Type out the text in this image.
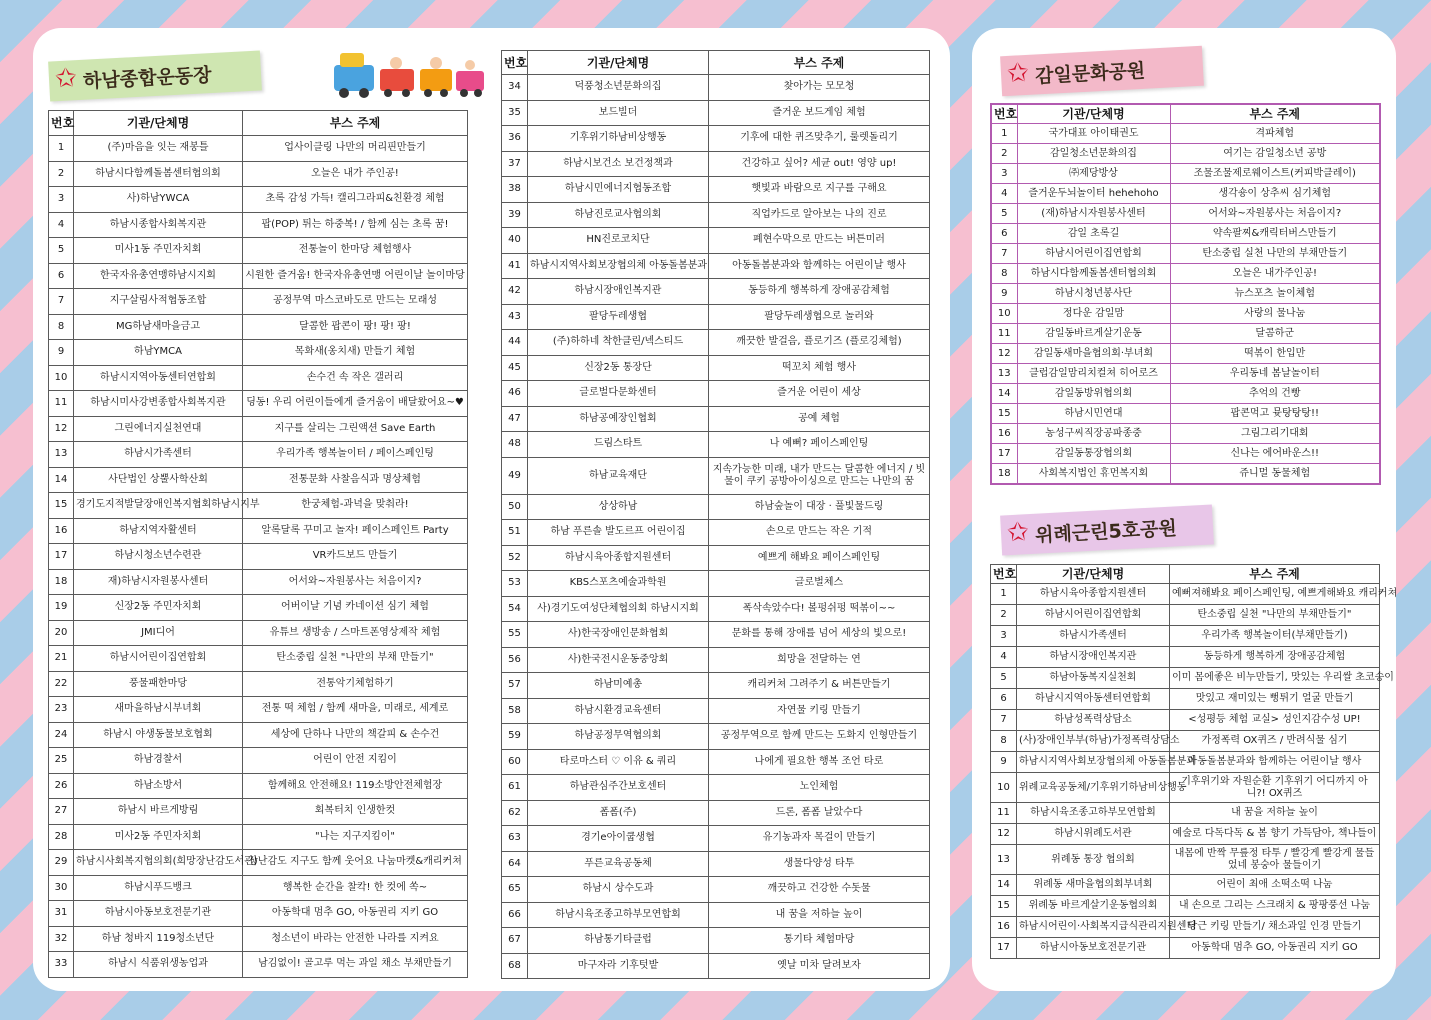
✩ 하남종합운동장	✩ 감일문화공원
✩ 위례근린5호공원
번호	기관/단체명	부스 주제
1	(주)마음을 잇는 재봉틀	업사이클링 나만의 머리핀만들기
2	하남시다함께돌봄센터협의회	오늘은 내가 주인공!
3	사)하남YWCA	초록 감성 가득! 캘리그라피&친환경 체험
4	하남시종합사회복지관	팝(POP) 튀는 하중복! / 함께 심는 초록 꿈!
5	미사1동 주민자치회	전통놀이 한마당 체험행사
6	한국자유총연맹하남시지회	시원한 즐거움! 한국자유총연맹 어린이날 놀이마당
7	지구살림사적협동조합	공정무역 마스코바도로 만드는 모래성
8	MG하남새마을금고	달콤한 팝콘이 팡! 팡! 팡!
9	하남YMCA	목화새(옹치새) 만들기 체험
10	하남시지역아동센터연합회	손수건 속 작은 갤러리
11	하남시미사강변종합사회복지관	딩동! 우리 어린이들에게 즐거움이 배달왔어요~♥
12	그린에너지실천연대	지구를 살리는 그린액션 Save Earth
13	하남시가족센터	우리가족 행복놀이터 / 페이스페인팅
14	사단법인 상뿔사학산회	전통문화 사찰음식과 명상체험
15	경기도지적발달장애인복지협회하남시지부	한궁체험-과녁을 맞춰라!
16	하남지역자활센터	알록달록 꾸미고 놀자! 페이스페인트 Party
17	하남시청소년수련관	VR카드보드 만들기
18	재)하남시자원봉사센터	어서와~자원봉사는 처음이지?
19	신장2동 주민자치회	어버이날 기념 카네이션 심기 체험
20	JMI디어	유튜브 생방송 / 스마트폰영상제작 체험
21	하남시어린이집연합회	탄소중립 실천 "나만의 부채 만들기"
22	풍물패한마당	전통악기체험하기
23	새마을하남시부녀회	전통 떡 체험 / 함께 새마을, 미래로, 세계로
24	하남시 야생동물보호협회	세상에 단하나 나만의 책갈피 & 손수건
25	하남경찰서	어린이 안전 지킴이
26	하남소방서	함께해요 안전해요! 119소방안전체험장
27	하남시 바르게방림	회복터치 인생한컷
28	미사2동 주민자치회	"나는 지구지킴이"
29	하남시사회복지협의회(희망장난감도서관)	장난감도 지구도 함께 웃어요 나눔마켓&캐리커쳐
30	하남시푸드뱅크	행복한 순간을 찰칵! 한 컷에 쏙~
31	하남시아동보호전문기관	아동학대 멈추 GO, 아동권리 지키 GO
32	하남 청바지 119청소년단	청소년이 바라는 안전한 나라를 지켜요
33	하남시 식품위생농업과	남김없이! 골고루 먹는 과일 채소 부채만들기
번호	기관/단체명	부스 주제
34	덕풍청소년문화의집	찾아가는 모모청
35	보드빌더	즐거운 보드게임 체험
36	기후위기하남비상행동	기후에 대한 퀴즈맞추기, 룰렛돌리기
37	하남시보건소 보건정책과	건강하고 싶어? 세균 out! 영양 up!
38	하남시민에너지협동조합	햇빛과 바람으로 지구를 구해요
39	하남진로교사협의회	직업카드로 알아보는 나의 진로
40	HN진로코치단	폐현수막으로 만드는 버튼미러
41	하남시지역사회보장협의체 아동돌봄분과	아동돌봄분과와 함께하는 어린이날 행사
42	하남시장애인복지관	동등하게 행복하게 장애공감체험
43	팔당두레생협	팔당두레생협으로 놀러와
44	(주)하하네 착한클린/넥스티드	깨끗한 발걸음, 플로기즈 (플로깅체험)
45	신장2동 통장단	떡꼬치 체험 행사
46	글로벌다문화센터	즐거운 어린이 세상
47	하남공예장인협회	공예 체험
48	드림스타트	나 예뻐? 페이스페인팅
49	하남교육재단	지속가능한 미래, 내가 만드는 달콤한 에너지 / 빗물이 쿠키 공방아이싱으로 만드는 나만의 꿈
50	상상하남	하남숲놀이 대장 · 풀빛물드링
51	하남 푸른솔 발도르프 어린이집	손으로 만드는 작은 기적
52	하남시육아종합지원센터	예쁘게 해봐요 페이스페인팅
53	KBS스포츠예술과학원	글로벌체스
54	사)경기도여성단체협의회 하남시지회	폭삭속았수다! 볼펑쉬펑 떡볶이~~
55	사)한국장애인문화협회	문화를 통해 장애를 넘어 세상의 빛으로!
56	사)한국전시운동중앙회	희망을 전달하는 연
57	하남미예총	캐리커쳐 그려주기 & 버튼만들기
58	하남시환경교육센터	자연물 키링 만들기
59	하남공정무역협의회	공정무역으로 함께 만드는 도화지 인형만들기
60	타로마스터 ♡ 이유 & 쿼리	나에게 필요한 행복 조언 타로
61	하남관심주간보호센터	노인체험
62	폼폼(주)	드론, 폼폼 날았수다
63	경기e아이쿱생협	유기농과자 목걸이 만들기
64	푸른교육공동체	생물다양성 타투
65	하남시 상수도과	깨끗하고 건강한 수돗물
66	하남시육조종고하부모연합회	내 꿈을 저하늘 높이
67	하남통기타클럽	통기타 체험마당
68	마구자라 기후텃밭	옛날 미차 달려보자
번호	기관/단체명	부스 주제
1	국가대표 아이태권도	격파체험
2	감일청소년문화의집	여기는 감일청소년 공방
3	㈜제당방상	조물조물제로웨이스트(커피박클레이)
4	즐거운두뇌놀이터 hehehoho	생각숑이 상추씨 심기체험
5	(재)하남시자원봉사센터	어서와~자원봉사는 처음이지?
6	감일 초록길	약속팔찌&캐릭터버스만들기
7	하남시어린이집연합회	탄소중립 실천 나만의 부채만들기
8	하남시다함께돌봄센터협의회	오늘은 내가주인공!
9	하남시청년봉사단	뉴스포츠 놀이체험
10	정다운 감일맘	사랑의 물나눔
11	감일동바르게살기운동	달콤하군
12	감일동새마을협의회·부녀회	떡볶이 한입만
13	클럽감일맘리치컬쳐 히어로즈	우리동네 봄날놀이터
14	감일동방위협의회	추억의 건빵
15	하남시민연대	팝콘먹고 뮷탕탕탕!!
16	농성구씨직장공파종중	그림그리기대회
17	감일동통장협의회	신나는 에어바운스!!
18	사회복지법인 휴먼복지회	쥬니멀 동물체험
번호	기관/단체명	부스 주제
1	하남시육아종합지원센터	예뻐져해봐요 페이스페인팅, 예쁘게해봐요 캐리커쳐
2	하남시어린이집연합회	탄소중립 실천 "나만의 부채만들기"
3	하남시가족센터	우리가족 행복놀이터(부채만들기)
4	하남시장애인복지관	동등하게 행복하게 장애공감체험
5	하남아동복지실천회	이미 몸에좋은 비누만들기, 맛있는 우리쌀 초코송이
6	하남시지역아동센터연합회	맛있고 재미있는 뻥튀기 얼굴 만들기
7	하남성폭력상담소	<성평등 체험 교실> 성인지감수성 UP!
8	(사)장애인부부(하남)가정폭력상담소	가정폭력 OX퀴즈 / 반려식물 심기
9	하남시지역사회보장협의체 아동돌봄분과	아동돌봄분과와 함께하는 어린이날 행사
10	위례교육공동체/기후위기하남비상행동	기후위기와 자원순환 기후위기 어디까지 아니?! OX퀴즈
11	하남시육조종고하부모연합회	내 꿈을 저하늘 높이
12	하남시위례도서관	예술로 다독다독 & 봄 향기 가득담아, 책나들이
13	위례동 통장 협의회	내몸에 반짝 무릎정 타투 / 빨강게 빨강게 물들었네 봉숭아 물들이기
14	위례동 새마을협의회부녀회	어린이 최애 소떡소떡 나눔
15	위례동 바르게살기운동협의회	내 손으로 그리는 스크래치 & 팡팡풍선 나눔
16	하남시어린이·사회복지급식관리지원센터	당근 키링 만들기/ 채소과일 인경 만들기
17	하남시아동보호전문기관	아동학대 멈추 GO, 아동권리 지키 GO
